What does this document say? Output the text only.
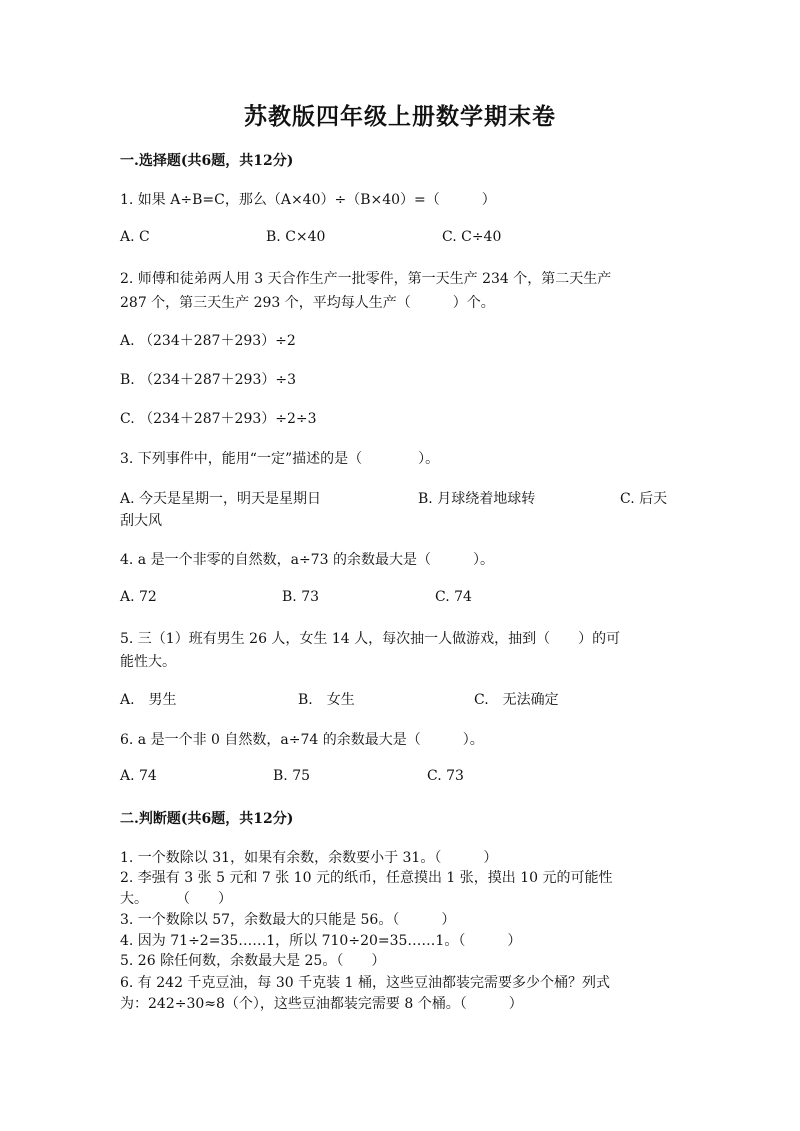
苏教版四年级上册数学期末卷
一.选择题(共6题，共12分)
1. 如果 A÷B=C，那么（A×40）÷（B×40）=（　　　）
A. C	B. C×40	C. C÷40
2. 师傅和徒弟两人用 3 天合作生产一批零件，第一天生产 234 个，第二天生产
287 个，第三天生产 293 个，平均每人生产（　　　）个。
A. （234＋287＋293）÷2
B. （234＋287＋293）÷3
C. （234＋287＋293）÷2÷3
3. 下列事件中，能用“一定”描述的是（　　　　）。
A. 今天是星期一，明天是星期日	B. 月球绕着地球转	C. 后天
刮大风
4. a 是一个非零的自然数，a÷73 的余数最大是（　　　）。
A. 72	B. 73	C. 74
5. 三（1）班有男生 26 人，女生 14 人，每次抽一人做游戏，抽到（　　）的可
能性大。
A.　男生	B.　女生	C.　无法确定
6. a 是一个非 0 自然数，a÷74 的余数最大是（　　　）。
A. 74	B. 75	C. 73
二.判断题(共6题，共12分)
1. 一个数除以 31，如果有余数，余数要小于 31。（　　　）
2. 李强有 3 张 5 元和 7 张 10 元的纸币，任意摸出 1 张，摸出 10 元的可能性
大。　　　（　　）
3. 一个数除以 57，余数最大的只能是 56。（　　　）
4. 因为 71÷2=35……1，所以 710÷20=35……1。（　　　）
5. 26 除任何数，余数最大是 25。（　　）
6. 有 242 千克豆油，每 30 千克装 1 桶，这些豆油都装完需要多少个桶？列式
为：242÷30≈8（个），这些豆油都装完需要 8 个桶。（　　　）
